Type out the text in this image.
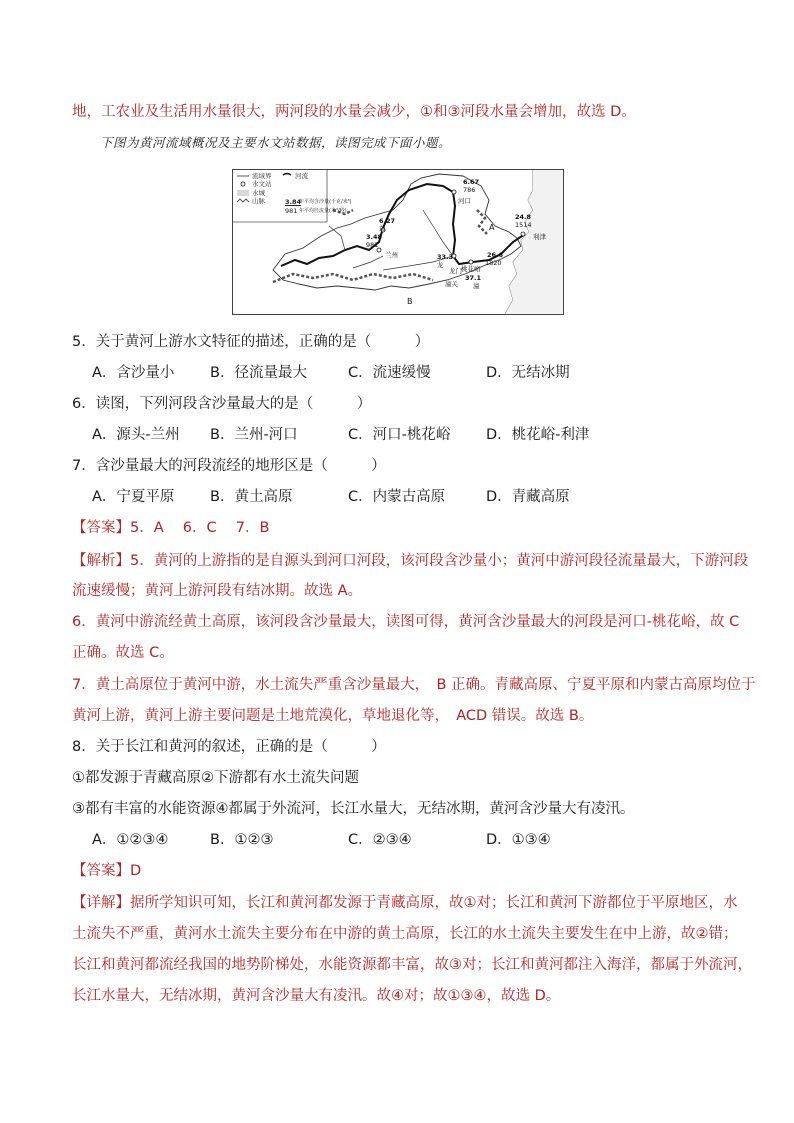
地，工农业及生活用水量很大，两河段的水量会减少，①和③河段水量会增加，故选 D。
下图为黄河流域概况及主要水文站数据，读图完成下面小题。
流域界
水文站
水城
山脉
河流
3.84
年平均含沙量(千克/米³)
981 年平均径流量(米³/秒)
6.67
786
河口
6.27
益
3.48
981
兰州
A
B
24.8
1514
利津
33.3
龙
26.6
1820
桃花峪
龙门
37.1
潼
潼关
5．关于黄河上游水文特征的描述，正确的是（　　　）
A．含沙量小 B．径流量最大	C．流速缓慢	D．无结冰期
6．读图，下列河段含沙量最大的是（　　　）
A．源头-兰州 B．兰州-河口	C．河口-桃花峪 D．桃花峪-利津
7．含沙量最大的河段流经的地形区是（　　　）
A．宁夏平原 B．黄土高原	C．内蒙古高原	D．青藏高原
【答案】5．A　 6．C　 7．B
【解析】5．黄河的上游指的是自源头到河口河段，该河段含沙量小；黄河中游河段径流量最大，下游河段
流速缓慢；黄河上游河段有结冰期。故选 A。
6．黄河中游流经黄土高原，该河段含沙量最大，读图可得，黄河含沙量最大的河段是河口-桃花峪，故 C
正确。故选 C。
7．黄土高原位于黄河中游，水土流失严重含沙量最大，　B 正确。青藏高原、宁夏平原和内蒙古高原均位于
黄河上游，黄河上游主要问题是土地荒漠化，草地退化等，　ACD 错误。故选 B。
8．关于长江和黄河的叙述，正确的是（　　　）
①都发源于青藏高原②下游都有水土流失问题
③都有丰富的水能资源④都属于外流河，长江水量大，无结冰期，黄河含沙量大有凌汛。
A．①②③④	B．①②③	C．②③④	D．①③④
【答案】D
【详解】据所学知识可知，长江和黄河都发源于青藏高原，故①对；长江和黄河下游都位于平原地区，水
土流失不严重，黄河水土流失主要分布在中游的黄土高原，长江的水土流失主要发生在中上游，故②错；
长江和黄河都流经我国的地势阶梯处，水能资源都丰富，故③对；长江和黄河都注入海洋，都属于外流河，
长江水量大，无结冰期，黄河含沙量大有凌汛。故④对；故①③④，故选 D。
